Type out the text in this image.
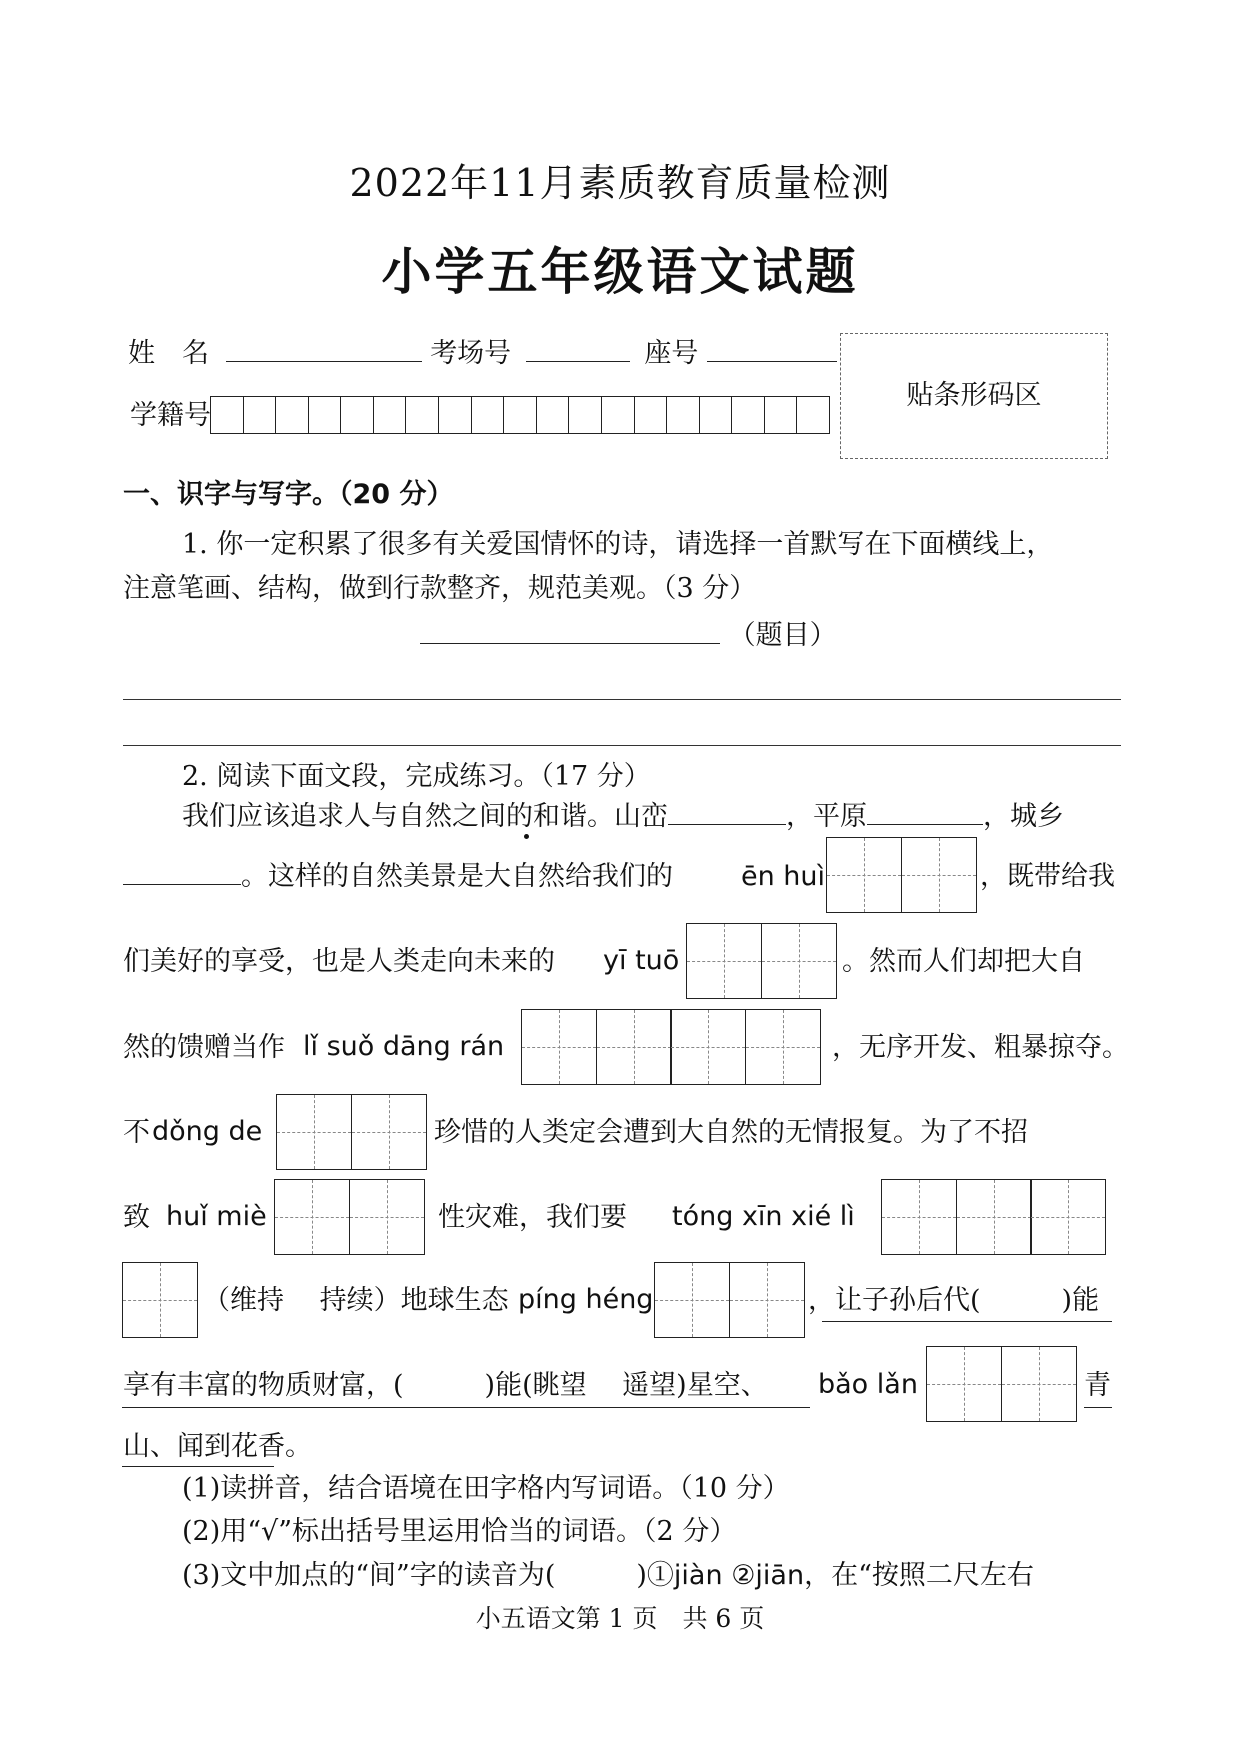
2022年11月素质教育质量检测
小学五年级语文试题
姓　名	考场号	座号
学籍号
贴条形码区
一、识字与写字。（20 分）
1. 你一定积累了很多有关爱国情怀的诗，请选择一首默写在下面横线上，
注意笔画、结构，做到行款整齐，规范美观。（3 分）
（题目）
2. 阅读下面文段，完成练习。（17 分）
我们应该追求人与自然之间的和谐。山峦	，平原	，城乡
。这样的自然美景是大自然给我们的	ēn huì	，既带给我
们美好的享受，也是人类走向未来的 yī tuō	。然而人们却把大自
然的馈赠当作 lǐ suǒ dāng rán	，无序开发、粗暴掠夺。
不 dǒng de	珍惜的人类定会遭到大自然的无情报复。为了不招
致 huǐ miè	性灾难，我们要 tóng xīn xié lì
（维持　 持续）地球生态 píng héng	，让子孙后代(　　　)能
享有丰富的物质财富，(　　　)能(眺望　 遥望)星空、 bǎo lǎn	青
山、闻到花香。
(1)读拼音，结合语境在田字格内写词语。（10 分）
(2)用“√”标出括号里运用恰当的词语。（2 分）
(3)文中加点的“间”字的读音为(　　　)①jiàn ②jiān，在“按照二尺左右
小五语文第 1 页　共 6 页
